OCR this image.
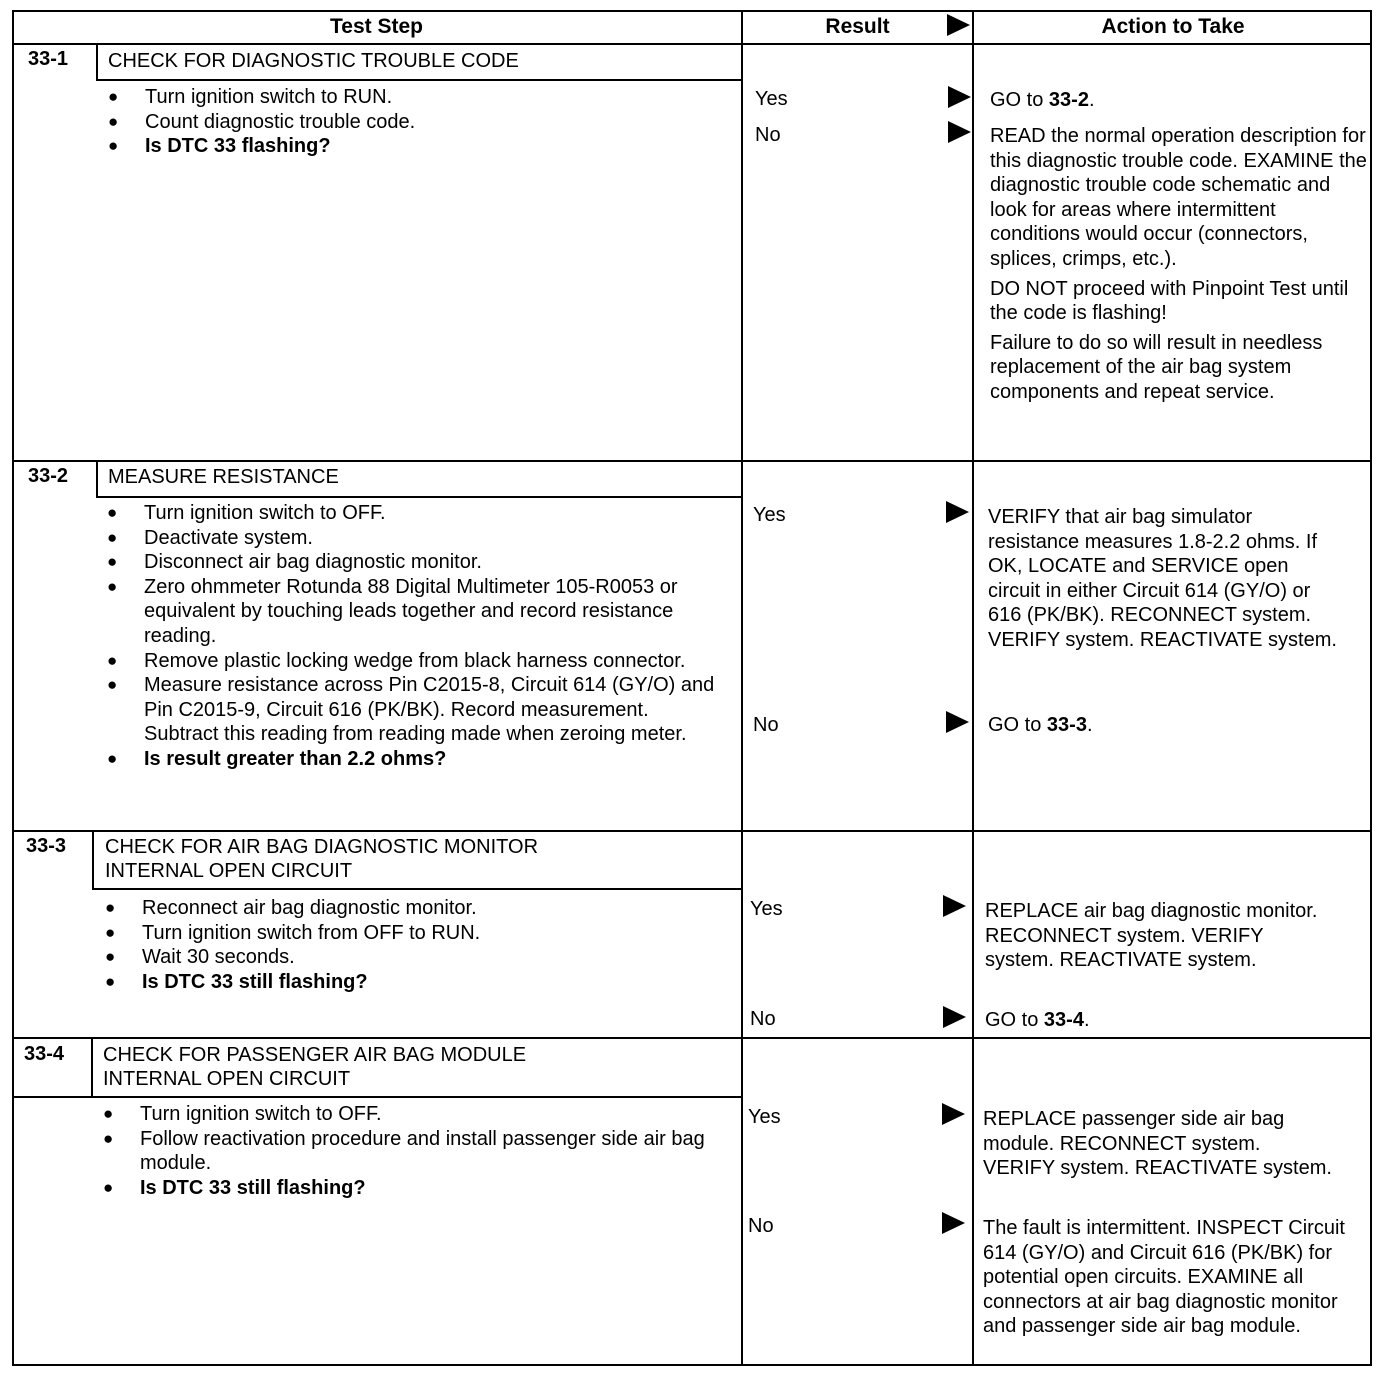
Test Step	Result	Action to Take
33-1 CHECK FOR DIAGNOSTIC TROUBLE CODE
● Turn ignition switch to RUN.
● Count diagnostic trouble code.
● Is DTC 33 flashing?
Yes
No

GO to 33-2.

READ the normal operation description for this diagnostic trouble code. EXAMINE the diagnostic trouble code schematic and look for areas where intermittent conditions would occur (connectors, splices, crimps, etc.).

DO NOT proceed with Pinpoint Test until the code is flashing!

Failure to do so will result in needless replacement of the air bag system components and repeat service.

33-2 MEASURE RESISTANCE
● Turn ignition switch to OFF.
● Deactivate system.
● Disconnect air bag diagnostic monitor.
● Zero ohmmeter Rotunda 88 Digital Multimeter 105-R0053 or equivalent by touching leads together and record resistance reading.
● Remove plastic locking wedge from black harness connector.
● Measure resistance across Pin C2015-8, Circuit 614 (GY/O) and Pin C2015-9, Circuit 616 (PK/BK). Record measurement. Subtract this reading from reading made when zeroing meter.
● Is result greater than 2.2 ohms?
Yes
No

VERIFY that air bag simulator resistance measures 1.8-2.2 ohms. If OK, LOCATE and SERVICE open circuit in either Circuit 614 (GY/O) or 616 (PK/BK). RECONNECT system. VERIFY system. REACTIVATE system.

GO to 33-3.

33-3 CHECK FOR AIR BAG DIAGNOSTIC MONITOR INTERNAL OPEN CIRCUIT
● Reconnect air bag diagnostic monitor.
● Turn ignition switch from OFF to RUN.
● Wait 30 seconds.
● Is DTC 33 still flashing?
Yes
No

REPLACE air bag diagnostic monitor. RECONNECT system. VERIFY system. REACTIVATE system.

GO to 33-4.

33-4 CHECK FOR PASSENGER AIR BAG MODULE INTERNAL OPEN CIRCUIT
● Turn ignition switch to OFF.
● Follow reactivation procedure and install passenger side air bag module.
● Is DTC 33 still flashing?
Yes
No

REPLACE passenger side air bag module. RECONNECT system. VERIFY system. REACTIVATE system.

The fault is intermittent. INSPECT Circuit 614 (GY/O) and Circuit 616 (PK/BK) for potential open circuits. EXAMINE all connectors at air bag diagnostic monitor and passenger side air bag module.
